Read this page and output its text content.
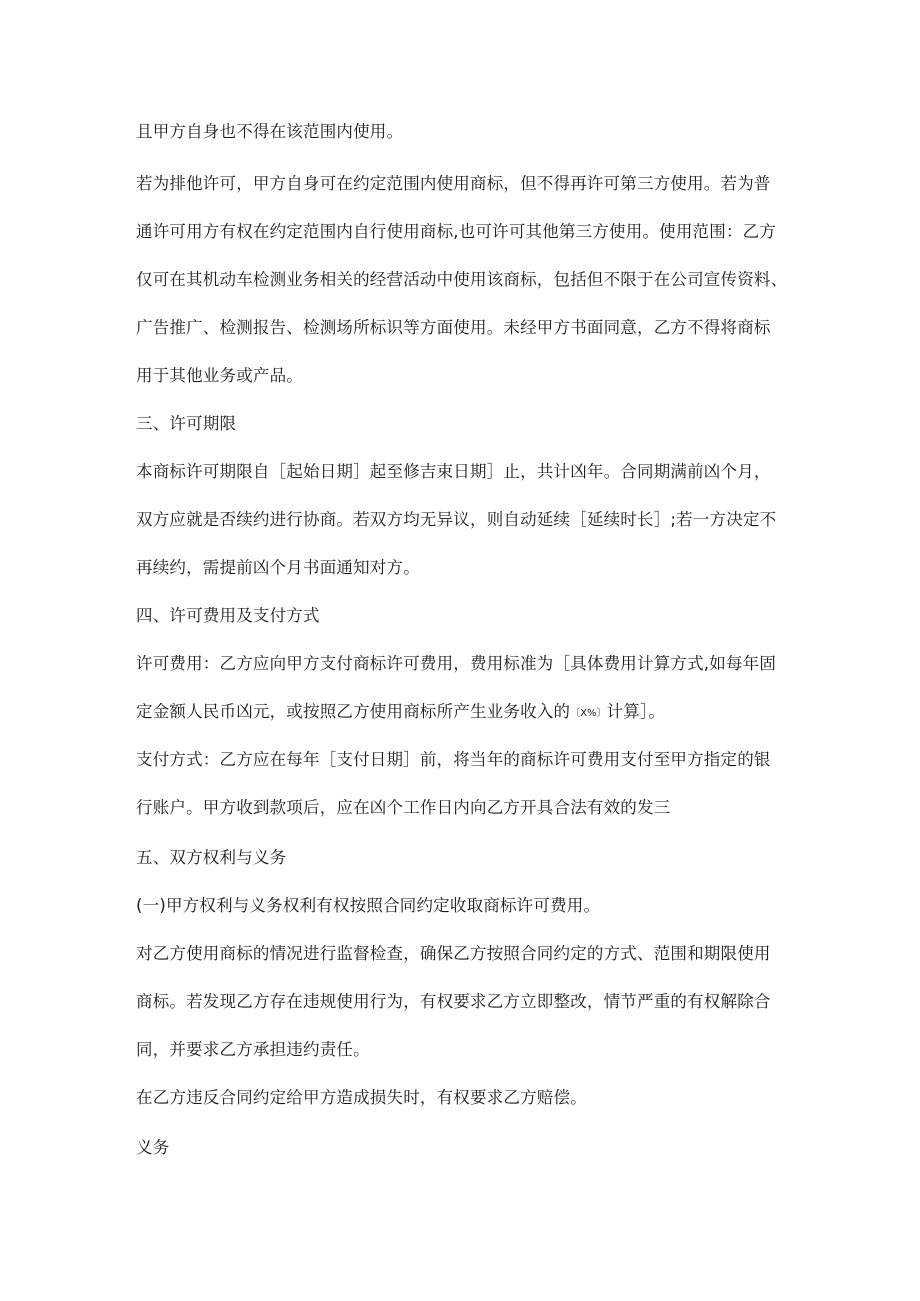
且甲方自身也不得在该范围内使用。
若为排他许可，甲方自身可在约定范围内使用商标，但不得再许可第三方使用。若为普
通许可用方有权在约定范围内自行使用商标,也可许可其他第三方使用。使用范围：乙方
仅可在其机动车检测业务相关的经营活动中使用该商标，包括但不限于在公司宣传资料、
广告推广、检测报告、检测场所标识等方面使用。未经甲方书面同意，乙方不得将商标
用于其他业务或产品。
三、许可期限
本商标许可期限自［起始日期］起至修吉束日期］止，共计凶年。合同期满前凶个月，
双方应就是否续约进行协商。若双方均无异议，则自动延续［延续时长］;若一方决定不
再续约，需提前凶个月书面通知对方。
四、许可费用及支付方式
许可费用：乙方应向甲方支付商标许可费用，费用标准为［具体费用计算方式,如每年固
定金额人民币凶元，或按照乙方使用商标所产生业务收入的〔X%〕计算］。
支付方式：乙方应在每年［支付日期］前，将当年的商标许可费用支付至甲方指定的银
行账户。甲方收到款项后，应在凶个工作日内向乙方开具合法有效的发三
五、双方权利与义务
(一)甲方权利与义务权利有权按照合同约定收取商标许可费用。
对乙方使用商标的情况进行监督检查，确保乙方按照合同约定的方式、范围和期限使用
商标。若发现乙方存在违规使用行为，有权要求乙方立即整改，情节严重的有权解除合
同，并要求乙方承担违约责任。
在乙方违反合同约定给甲方造成损失时，有权要求乙方赔偿。
义务
